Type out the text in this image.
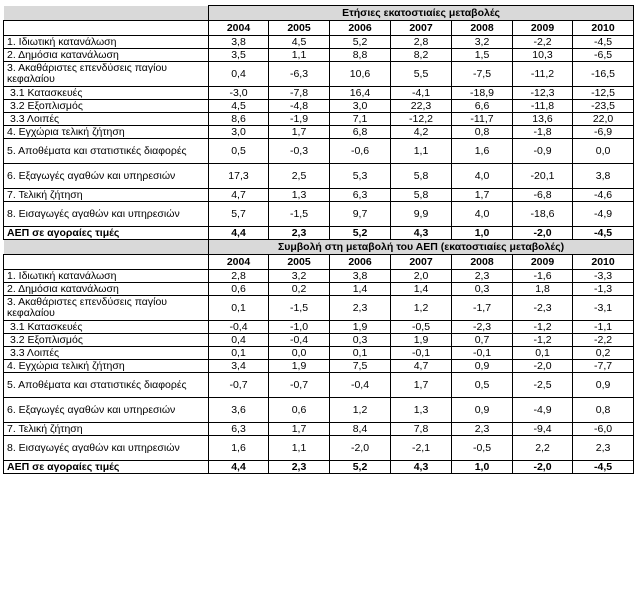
	Ετήσιες εκατοστιαίες μεταβολές						
	2004	2005	2006	2007	2008	2009	2010
1. Ιδιωτική κατανάλωση	3,8	4,5	5,2	2,8	3,2	-2,2	-4,5
2. Δημόσια κατανάλωση	3,5	1,1	8,8	8,2	1,5	10,3	-6,5
3. Ακαθάριστες επενδύσεις παγίου κεφαλαίου	0,4	-6,3	10,6	5,5	-7,5	-11,2	-16,5
3.1 Κατασκευές	-3,0	-7,8	16,4	-4,1	-18,9	-12,3	-12,5
3.2 Εξοπλισμός	4,5	-4,8	3,0	22,3	6,6	-11,8	-23,5
3.3 Λοιπές	8,6	-1,9	7,1	-12,2	-11,7	13,6	22,0
4. Εγχώρια τελική ζήτηση	3,0	1,7	6,8	4,2	0,8	-1,8	-6,9
5. Αποθέματα και στατιστικές διαφορές	0,5	-0,3	-0,6	1,1	1,6	-0,9	0,0
6. Εξαγωγές αγαθών και υπηρεσιών	17,3	2,5	5,3	5,8	4,0	-20,1	3,8
7. Τελική ζήτηση	4,7	1,3	6,3	5,8	1,7	-6,8	-4,6
8. Εισαγωγές αγαθών και υπηρεσιών	5,7	-1,5	9,7	9,9	4,0	-18,6	-4,9
ΑΕΠ σε αγοραίες τιμές	4,4	2,3	5,2	4,3	1,0	-2,0	-4,5
	Συμβολή στη μεταβολή του ΑΕΠ (εκατοστιαίες μεταβολές)						
	2004	2005	2006	2007	2008	2009	2010
1. Ιδιωτική κατανάλωση	2,8	3,2	3,8	2,0	2,3	-1,6	-3,3
2. Δημόσια κατανάλωση	0,6	0,2	1,4	1,4	0,3	1,8	-1,3
3. Ακαθάριστες επενδύσεις παγίου κεφαλαίου	0,1	-1,5	2,3	1,2	-1,7	-2,3	-3,1
3.1 Κατασκευές	-0,4	-1,0	1,9	-0,5	-2,3	-1,2	-1,1
3.2 Εξοπλισμός	0,4	-0,4	0,3	1,9	0,7	-1,2	-2,2
3.3 Λοιπές	0,1	0,0	0,1	-0,1	-0,1	0,1	0,2
4. Εγχώρια τελική ζήτηση	3,4	1,9	7,5	4,7	0,9	-2,0	-7,7
5. Αποθέματα και στατιστικές διαφορές	-0,7	-0,7	-0,4	1,7	0,5	-2,5	0,9
6. Εξαγωγές αγαθών και υπηρεσιών	3,6	0,6	1,2	1,3	0,9	-4,9	0,8
7. Τελική ζήτηση	6,3	1,7	8,4	7,8	2,3	-9,4	-6,0
8. Εισαγωγές αγαθών και υπηρεσιών	1,6	1,1	-2,0	-2,1	-0,5	2,2	2,3
ΑΕΠ σε αγοραίες τιμές	4,4	2,3	5,2	4,3	1,0	-2,0	-4,5
